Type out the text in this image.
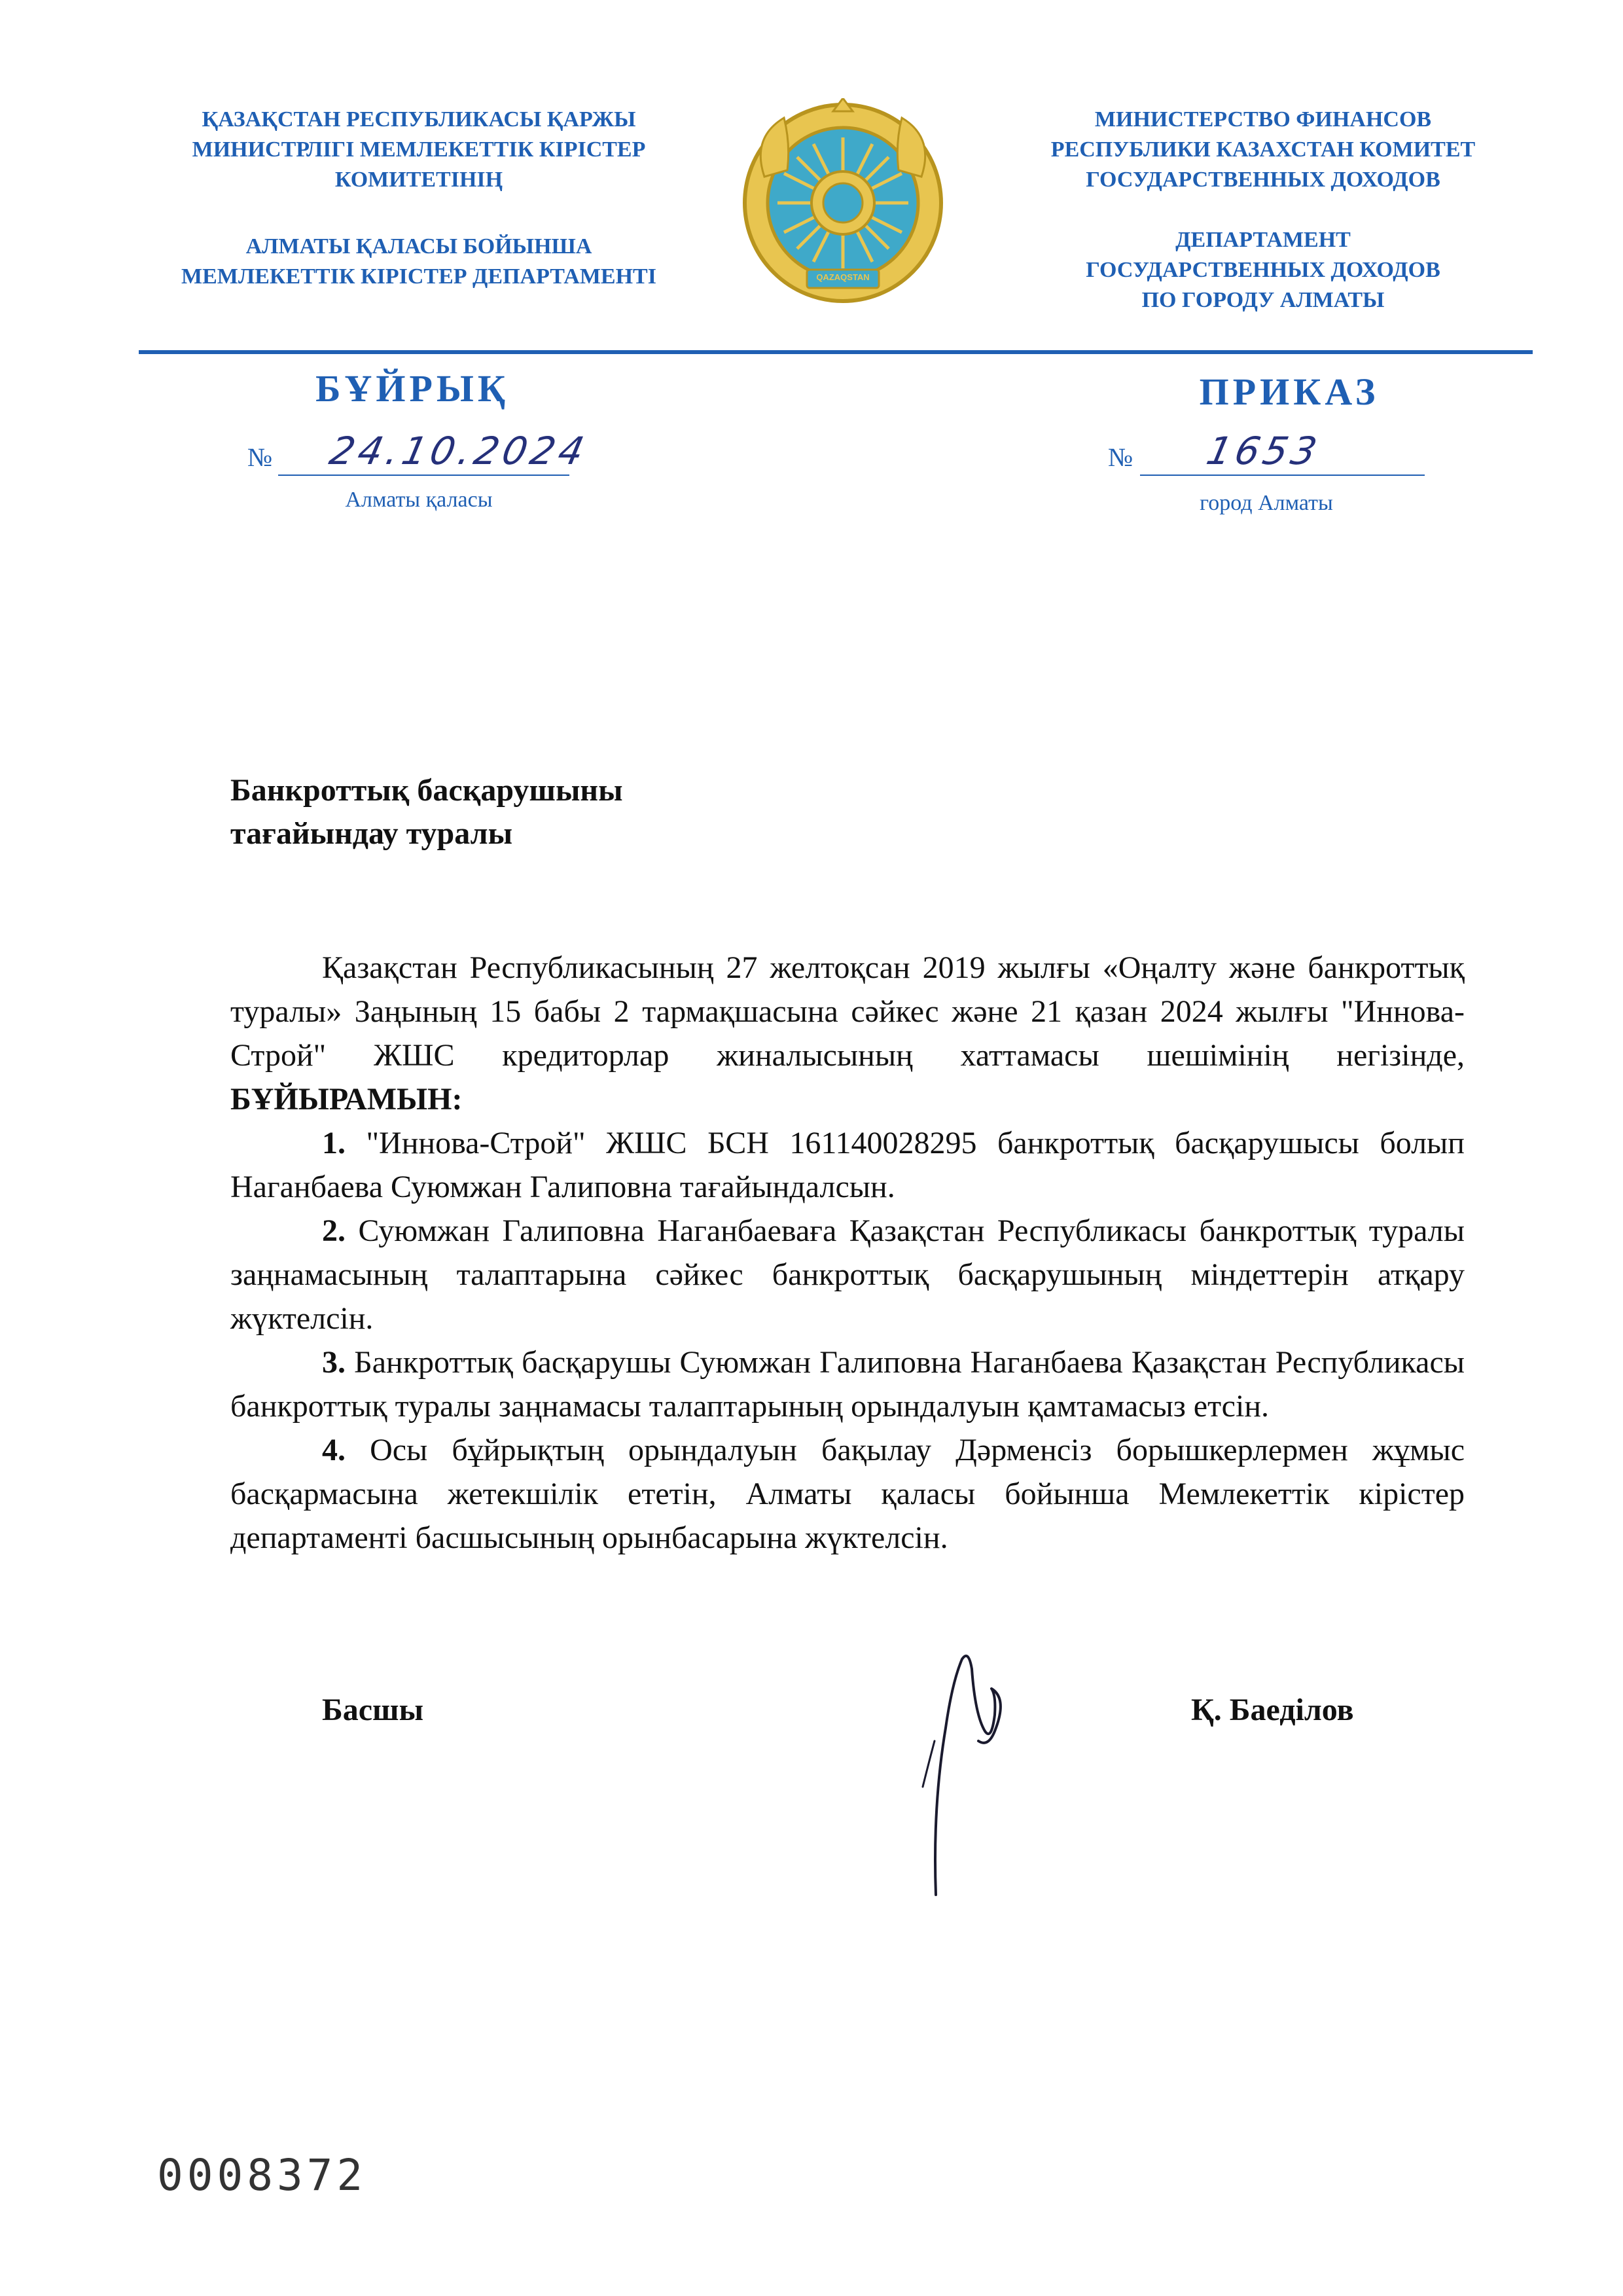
ҚАЗАҚСТАН РЕСПУБЛИКАСЫ ҚАРЖЫ
МИНИСТРЛІГІ МЕМЛЕКЕТТІК КІРІСТЕР
КОМИТЕТІНІҢ
АЛМАТЫ ҚАЛАСЫ БОЙЫНША
МЕМЛЕКЕТТІК КІРІСТЕР ДЕПАРТАМЕНТІ	QAZAQSTAN
МИНИСТЕРСТВО ФИНАНСОВ
РЕСПУБЛИКИ КАЗАХСТАН КОМИТЕТ
ГОСУДАРСТВЕННЫХ ДОХОДОВ
ДЕПАРТАМЕНТ
ГОСУДАРСТВЕННЫХ ДОХОДОВ
ПО ГОРОДУ АЛМАТЫ
БҰЙРЫҚ	ПРИКАЗ
№ 24.10.2024
Алматы қаласы
№ 1653
город Алматы
Банкроттық басқарушыны
тағайындау туралы

Қазақстан Республикасының 27 желтоқсан 2019 жылғы «Оңалту және банкроттық туралы» Заңының 15 бабы 2 тармақшасына сәйкес және 21 қазан 2024 жылғы "Иннова-Строй" ЖШС кредиторлар жиналысының хаттамасы шешімінің негізінде, БҰЙЫРАМЫН:

1. "Иннова-Строй" ЖШС БСН 161140028295 банкроттық басқарушысы болып Наганбаева Суюмжан Галиповна тағайындалсын.

2. Суюмжан Галиповна Наганбаеваға Қазақстан Республикасы банкроттық туралы заңнамасының талаптарына сәйкес банкроттық басқарушының міндеттерін атқару жүктелсін.

3. Банкроттық басқарушы Суюмжан Галиповна Наганбаева Қазақстан Республикасы банкроттық туралы заңнамасы талаптарының орындалуын қамтамасыз етсін.

4. Осы бұйрықтың орындалуын бақылау Дәрменсіз борышкерлермен жұмыс басқармасына жетекшілік ететін, Алматы қаласы бойынша Мемлекеттік кірістер департаменті басшысының орынбасарына жүктелсін.

Басшы	Қ. Баеділов
0008372
